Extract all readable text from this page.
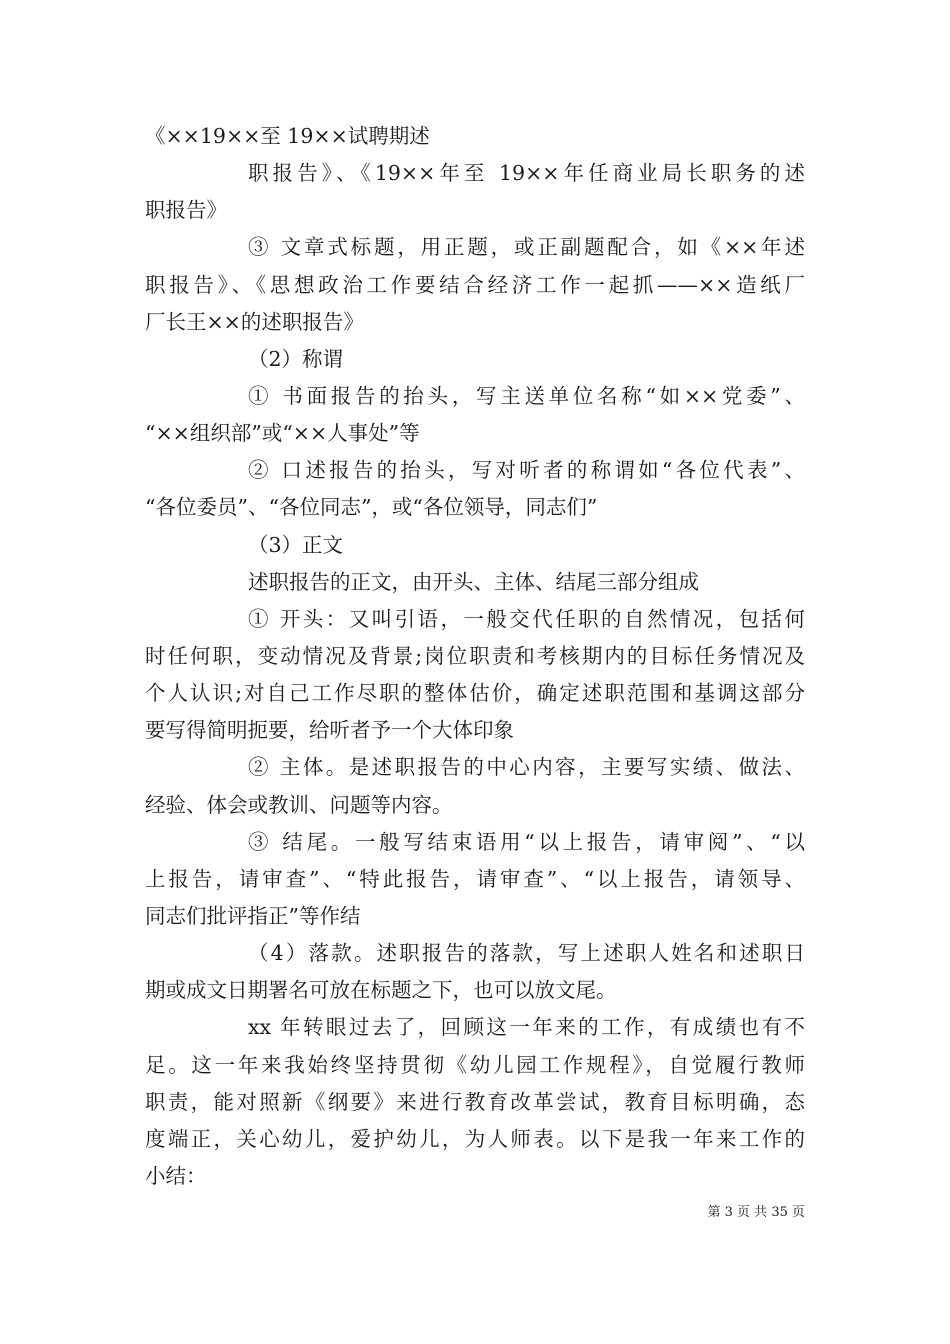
《××19××至 19××试聘期述
职报告》、《19××年至 19××年任商业局长职务的述
职报告》
③ 文章式标题，用正题，或正副题配合，如《××年述
职报告》、《思想政治工作要结合经济工作一起抓——××造纸厂
厂长王××的述职报告》
（2）称谓
① 书面报告的抬头，写主送单位名称“如××党委”、
“××组织部”或“××人事处”等
② 口述报告的抬头，写对听者的称谓如“各位代表”、
“各位委员”、“各位同志”，或“各位领导，同志们”
（3）正文
述职报告的正文，由开头、主体、结尾三部分组成
① 开头：又叫引语，一般交代任职的自然情况，包括何
时任何职，变动情况及背景;岗位职责和考核期内的目标任务情况及
个人认识;对自己工作尽职的整体估价，确定述职范围和基调这部分
要写得简明扼要，给听者予一个大体印象
② 主体。是述职报告的中心内容，主要写实绩、做法、
经验、体会或教训、问题等内容。
③ 结尾。一般写结束语用“以上报告，请审阅”、“以
上报告，请审查”、“特此报告，请审查”、“以上报告，请领导、
同志们批评指正”等作结
（4）落款。述职报告的落款，写上述职人姓名和述职日
期或成文日期署名可放在标题之下，也可以放文尾。
xx 年转眼过去了，回顾这一年来的工作，有成绩也有不
足。这一年来我始终坚持贯彻《幼儿园工作规程》，自觉履行教师
职责，能对照新《纲要》来进行教育改革尝试，教育目标明确，态
度端正，关心幼儿，爱护幼儿，为人师表。以下是我一年来工作的
小结：
第 3 页 共 35 页
